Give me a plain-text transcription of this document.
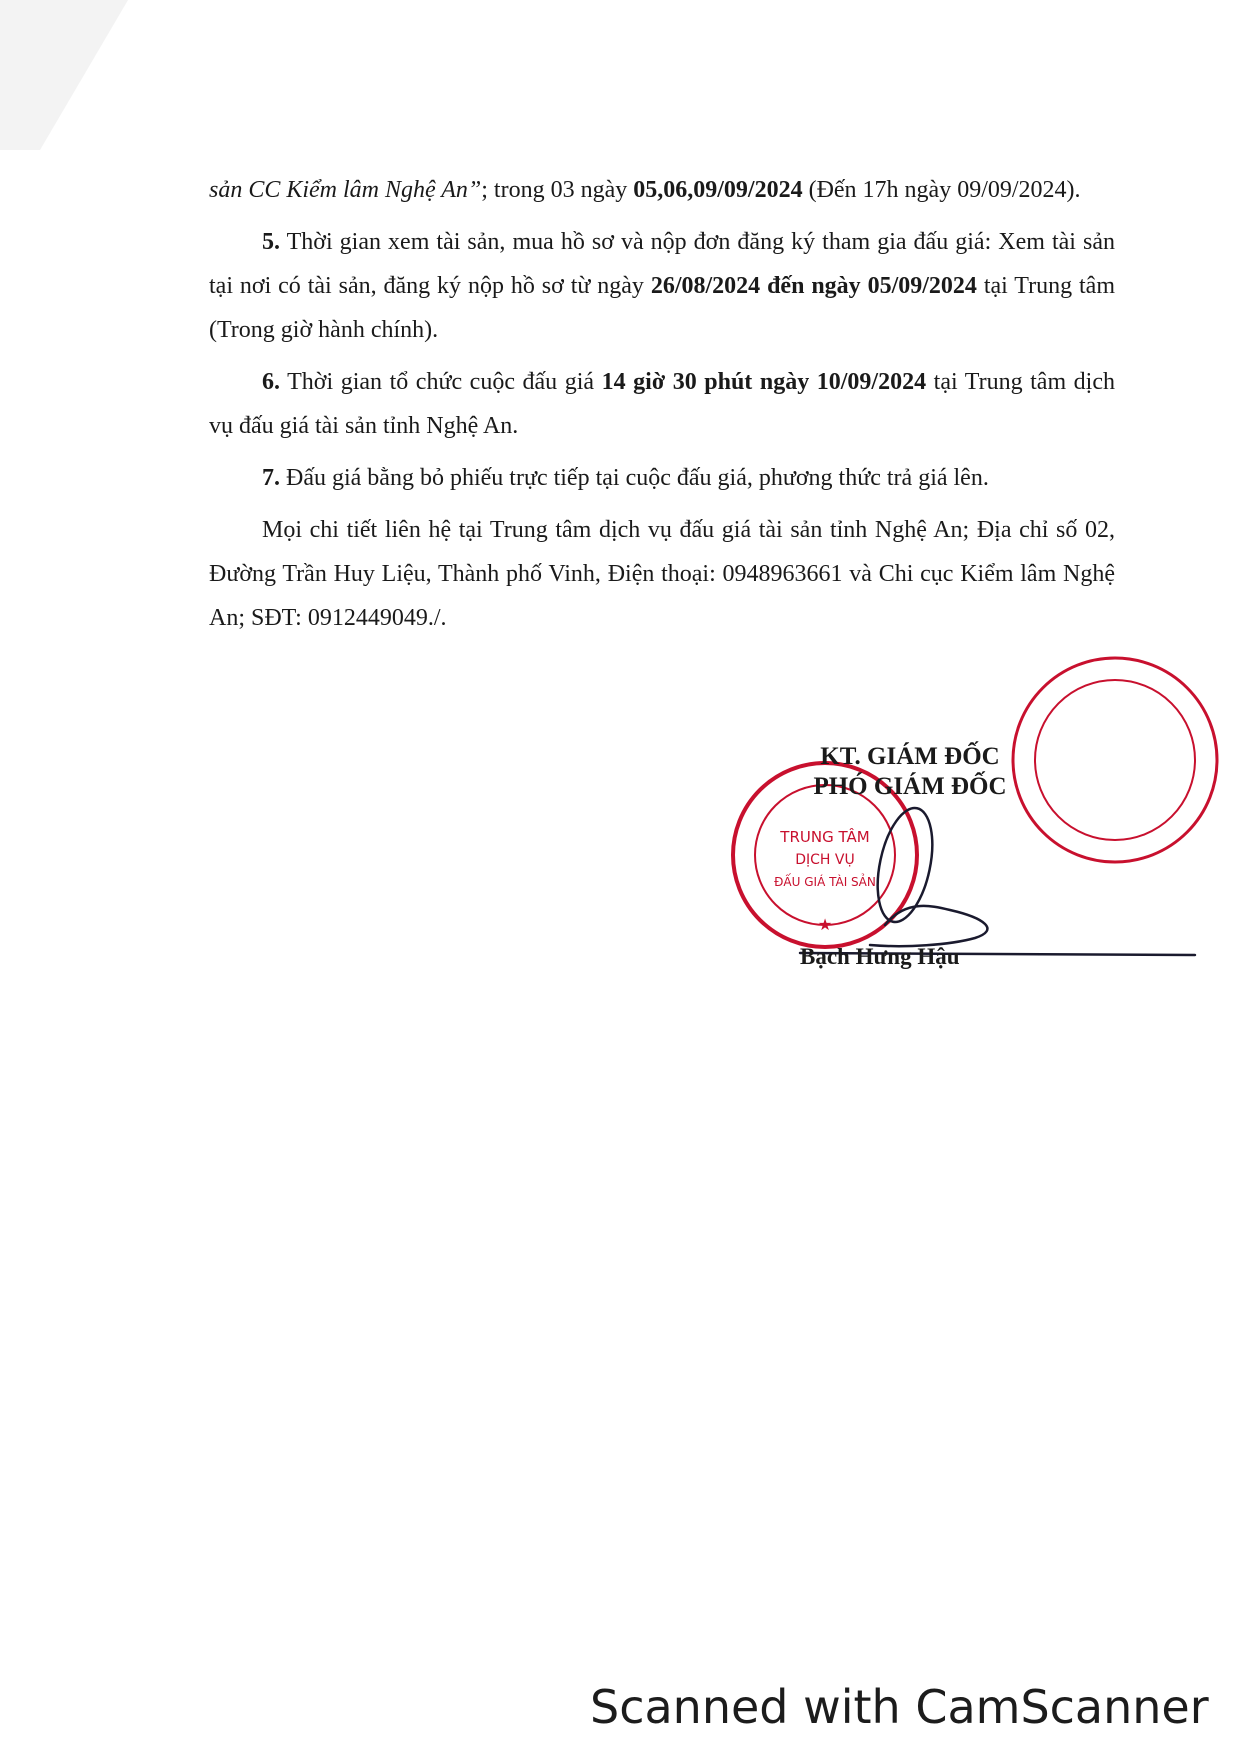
sản CC Kiểm lâm Nghệ An”; trong 03 ngày 05,06,09/09/2024 (Đến 17h ngày 09/09/2024).

5. Thời gian xem tài sản, mua hồ sơ và nộp đơn đăng ký tham gia đấu giá: Xem tài sản tại nơi có tài sản, đăng ký nộp hồ sơ từ ngày 26/08/2024 đến ngày 05/09/2024 tại Trung tâm (Trong giờ hành chính).

6. Thời gian tổ chức cuộc đấu giá 14 giờ 30 phút ngày 10/09/2024 tại Trung tâm dịch vụ đấu giá tài sản tỉnh Nghệ An.

7. Đấu giá bằng bỏ phiếu trực tiếp tại cuộc đấu giá, phương thức trả giá lên.

Mọi chi tiết liên hệ tại Trung tâm dịch vụ đấu giá tài sản tỉnh Nghệ An; Địa chỉ số 02, Đường Trần Huy Liệu, Thành phố Vinh, Điện thoại: 0948963661 và Chi cục Kiểm lâm Nghệ An; SĐT: 0912449049./.

★
TRUNG TÂM
DỊCH VỤ
ĐẤU GIÁ TÀI SẢN
KT. GIÁM ĐỐC
PHÓ GIÁM ĐỐC
Bạch Hưng Hậu
Scanned with CamScanner
